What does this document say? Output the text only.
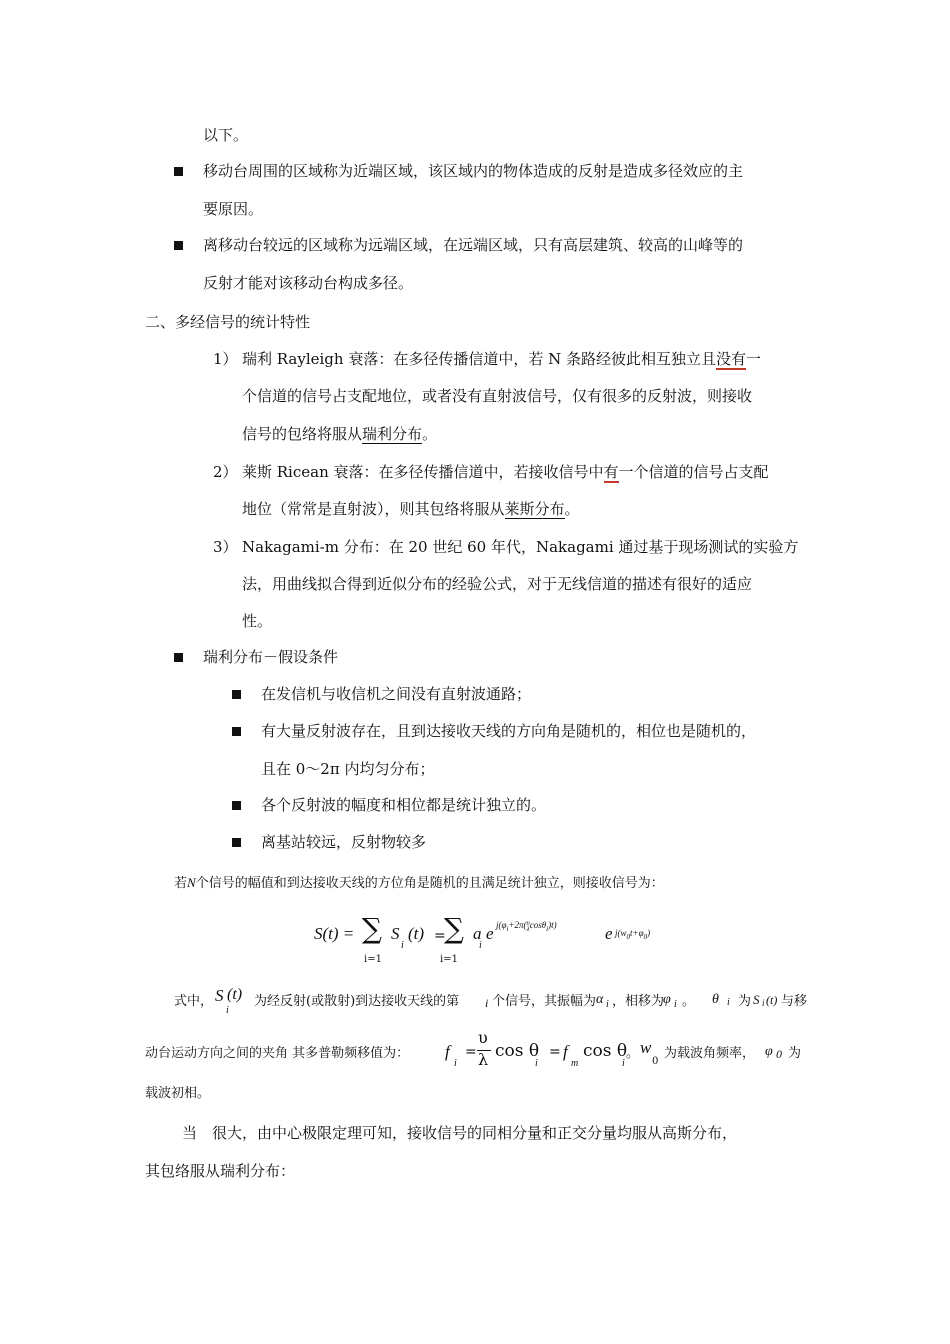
以下。
移动台周围的区域称为近端区域，该区域内的物体造成的反射是造成多径效应的主
要原因。
离移动台较远的区域称为远端区域，在远端区域，只有高层建筑、较高的山峰等的
反射才能对该移动台构成多径。
二、多经信号的统计特性
1） 瑞利 Rayleigh 衰落：在多径传播信道中，若 N 条路经彼此相互独立且没有一
个信道的信号占支配地位，或者没有直射波信号，仅有很多的反射波，则接收
信号的包络将服从瑞利分布。
2） 莱斯 Ricean 衰落：在多径传播信道中，若接收信号中有一个信道的信号占支配
地位（常常是直射波），则其包络将服从莱斯分布。
3） Nakagami-m 分布：在 20 世纪 60 年代，Nakagami 通过基于现场测试的实验方
法，用曲线拟合得到近似分布的经验公式，对于无线信道的描述有很好的适应
性。
瑞利分布－假设条件
在发信机与收信机之间没有直射波通路；
有大量反射波存在，且到达接收天线的方向角是随机的，相位也是随机的，
且在 0～2π 内均匀分布；
各个反射波的幅度和相位都是统计独立的。
离基站较远，反射物较多
若N个信号的幅值和到达接收天线的方位角是随机的且满足统计独立，则接收信号为：
S(t) = ∑
i=1
S
i
(t) =
∑
i=1
a
i
e $j(\varphi_i+2\pi(\upsilon$
λcosθ$_i$)t)	e $j(w_0t+\varphi_0)$
式中， S (t)
i
为经反射(或散射)到达接收天线的第 i 个信号，其振幅为 α i ，相移为
φ i 。 θ i 为 S i (t) 与移
动台运动方向之间的夹角 其多普勒频移值为： f
i
=
υ
λ cos θ
i
= f
m
cos θ
i
。 w
0
为载波角频率， φ 0 为
载波初相。
当　很大，由中心极限定理可知，接收信号的同相分量和正交分量均服从高斯分布，
其包络服从瑞利分布：
